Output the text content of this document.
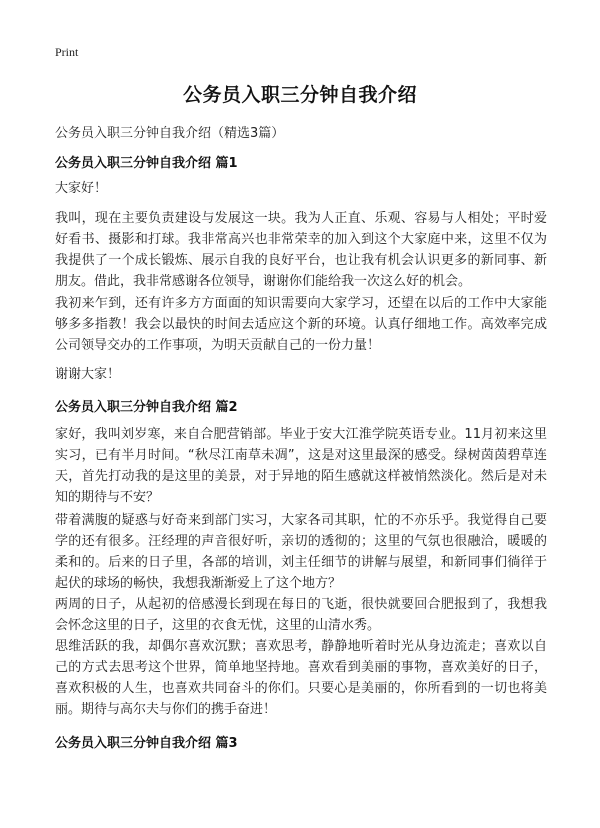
Print
公务员入职三分钟自我介绍
公务员入职三分钟自我介绍（精选3篇）
公务员入职三分钟自我介绍 篇1
大家好！
我叫，现在主要负责建设与发展这一块。我为人正直、乐观、容易与人相处；平时爱好看书、摄影和打球。我非常高兴也非常荣幸的加入到这个大家庭中来，这里不仅为我提供了一个成长锻炼、展示自我的良好平台，也让我有机会认识更多的新同事、新朋友。借此，我非常感谢各位领导，谢谢你们能给我一次这么好的机会。
我初来乍到，还有许多方方面面的知识需要向大家学习，还望在以后的工作中大家能够多多指教！我会以最快的时间去适应这个新的环境。认真仔细地工作。高效率完成公司领导交办的工作事项，为明天贡献自己的一份力量！
谢谢大家！
公务员入职三分钟自我介绍 篇2
家好，我叫刘岁寒，来自合肥营销部。毕业于安大江淮学院英语专业。11月初来这里实习，已有半月时间。“秋尽江南草未凋”，这是对这里最深的感受。绿树茵茵碧草连天，首先打动我的是这里的美景，对于异地的陌生感就这样被悄然淡化。然后是对未知的期待与不安？
带着满腹的疑惑与好奇来到部门实习，大家各司其职，忙的不亦乐乎。我觉得自己要学的还有很多。汪经理的声音很好听，亲切的透彻的；这里的气氛也很融洽，暖暖的柔和的。后来的日子里，各部的培训，刘主任细节的讲解与展望，和新同事们徜徉于起伏的球场的畅快，我想我渐渐爱上了这个地方？
两周的日子，从起初的倍感漫长到现在每日的飞逝，很快就要回合肥报到了，我想我会怀念这里的日子，这里的衣食无忧，这里的山清水秀。
思维活跃的我，却偶尔喜欢沉默；喜欢思考，静静地听着时光从身边流走；喜欢以自己的方式去思考这个世界，简单地坚持地。喜欢看到美丽的事物，喜欢美好的日子，喜欢积极的人生，也喜欢共同奋斗的你们。只要心是美丽的，你所看到的一切也将美丽。期待与高尔夫与你们的携手奋进！
公务员入职三分钟自我介绍 篇3
